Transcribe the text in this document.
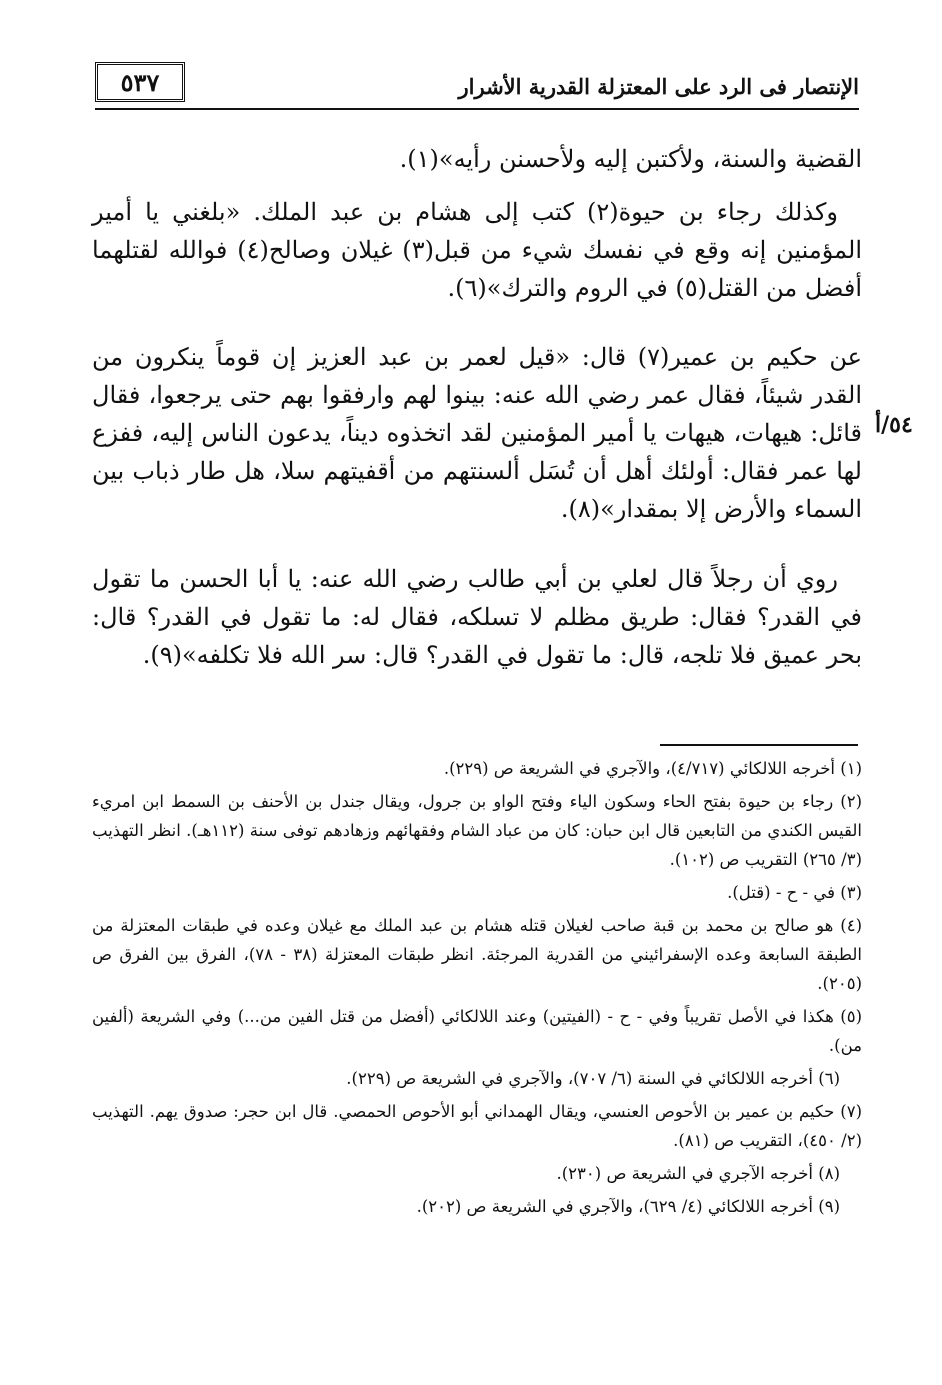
٥٣٧	الإنتصار فى الرد على المعتزلة القدرية الأشرار
٥٤/أ

القضية والسنة، ولأكتبن إليه ولأحسنن رأيه»(١).

وكذلك رجاء بن حيوة(٢) كتب إلى هشام بن عبد الملك. «بلغني يا أمير المؤمنين إنه وقع في نفسك شيء من قبل(٣) غيلان وصالح(٤) فوالله لقتلهما أفضل من القتل(٥) في الروم والترك»(٦).

عن حكيم بن عمير(٧) قال: «قيل لعمر بن عبد العزيز إن قوماً ينكرون من القدر شيئاً، فقال عمر رضي الله عنه: بينوا لهم وارفقوا بهم حتى يرجعوا، فقال قائل: هيهات، هيهات يا أمير المؤمنين لقد اتخذوه ديناً، يدعون الناس إليه، ففزع لها عمر فقال: أولئك أهل أن تُسَل ألسنتهم من أقفيتهم سلا، هل طار ذباب بين السماء والأرض إلا بمقدار»(٨).

روي أن رجلاً قال لعلي بن أبي طالب رضي الله عنه: يا أبا الحسن ما تقول في القدر؟ فقال: طريق مظلم لا تسلكه، فقال له: ما تقول في القدر؟ قال: بحر عميق فلا تلجه، قال: ما تقول في القدر؟ قال: سر الله فلا تكلفه»(٩).

(١) أخرجه اللالكائي (٤/٧١٧)، والآجري في الشريعة ص (٢٢٩).

(٢) رجاء بن حيوة بفتح الحاء وسكون الياء وفتح الواو بن جرول، ويقال جندل بن الأحنف بن السمط ابن امريء القيس الكندي من التابعين قال ابن حبان: كان من عباد الشام وفقهائهم وزهادهم توفى سنة (١١٢هـ). انظر التهذيب (٣/ ٢٦٥) التقريب ص (١٠٢).

(٣) في - ح - (قتل).

(٤) هو صالح بن محمد بن قبة صاحب لغيلان قتله هشام بن عبد الملك مع غيلان وعده في طبقات المعتزلة من الطبقة السابعة وعده الإسفرائيني من القدرية المرجئة. انظر طبقات المعتزلة (٣٨ - ٧٨)، الفرق بين الفرق ص (٢٠٥).

(٥) هكذا في الأصل تقريباً وفي - ح - (الفيتين) وعند اللالكائي (أفضل من قتل الفين من...) وفي الشريعة (ألفين من).

(٦) أخرجه اللالكائي في السنة (٦/ ٧٠٧)، والآجري في الشريعة ص (٢٢٩).

(٧) حكيم بن عمير بن الأحوص العنسي، ويقال الهمداني أبو الأحوص الحمصي. قال ابن حجر: صدوق يهم. التهذيب (٢/ ٤٥٠)، التقريب ص (٨١).

(٨) أخرجه الآجري في الشريعة ص (٢٣٠).

(٩) أخرجه اللالكائي (٤/ ٦٢٩)، والآجري في الشريعة ص (٢٠٢).
